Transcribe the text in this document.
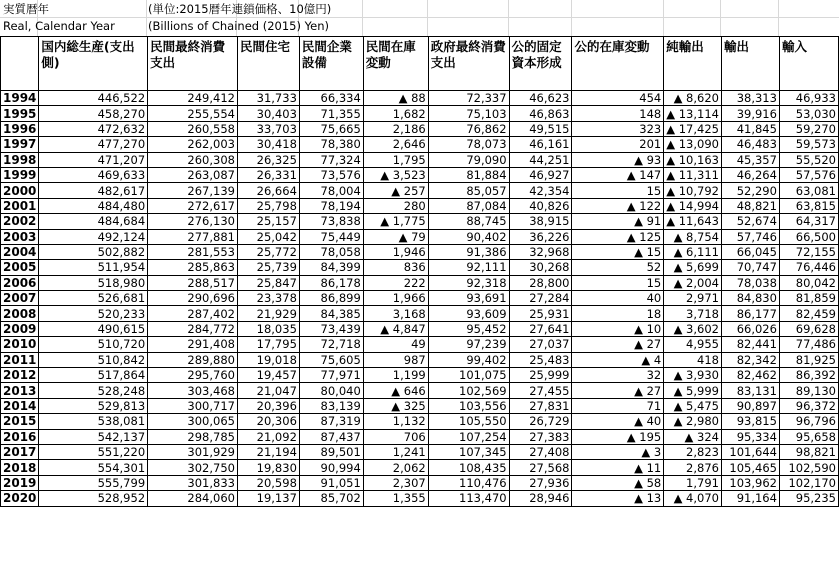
実質暦年
Real, Calendar Year
(単位:2015暦年連鎖価格、10億円)
(Billions of Chained (2015) Yen)
	国内総生産(支出側)	民間最終消費支出	民間住宅	民間企業設備	民間在庫変動	政府最終消費支出	公的固定資本形成	公的在庫変動	純輸出	輸出	輸入
1994	446,522	249,412	31,733	66,334	▲ 88	72,337	46,623	454	▲ 8,620	38,313	46,933
1995	458,270	255,554	30,403	71,355	1,682	75,103	46,863	148	▲ 13,114	39,916	53,030
1996	472,632	260,558	33,703	75,665	2,186	76,862	49,515	323	▲ 17,425	41,845	59,270
1997	477,270	262,003	30,418	78,380	2,646	78,073	46,161	201	▲ 13,090	46,483	59,573
1998	471,207	260,308	26,325	77,324	1,795	79,090	44,251	▲ 93	▲ 10,163	45,357	55,520
1999	469,633	263,087	26,331	73,576	▲ 3,523	81,884	46,927	▲ 147	▲ 11,311	46,264	57,576
2000	482,617	267,139	26,664	78,004	▲ 257	85,057	42,354	15	▲ 10,792	52,290	63,081
2001	484,480	272,617	25,798	78,194	280	87,084	40,826	▲ 122	▲ 14,994	48,821	63,815
2002	484,684	276,130	25,157	73,838	▲ 1,775	88,745	38,915	▲ 91	▲ 11,643	52,674	64,317
2003	492,124	277,881	25,042	75,449	▲ 79	90,402	36,226	▲ 125	▲ 8,754	57,746	66,500
2004	502,882	281,553	25,772	78,058	1,946	91,386	32,968	▲ 15	▲ 6,111	66,045	72,155
2005	511,954	285,863	25,739	84,399	836	92,111	30,268	52	▲ 5,699	70,747	76,446
2006	518,980	288,517	25,847	86,178	222	92,318	28,800	15	▲ 2,004	78,038	80,042
2007	526,681	290,696	23,378	86,899	1,966	93,691	27,284	40	2,971	84,830	81,859
2008	520,233	287,402	21,929	84,385	3,168	93,609	25,931	18	3,718	86,177	82,459
2009	490,615	284,772	18,035	73,439	▲ 4,847	95,452	27,641	▲ 10	▲ 3,602	66,026	69,628
2010	510,720	291,408	17,795	72,718	49	97,239	27,037	▲ 27	4,955	82,441	77,486
2011	510,842	289,880	19,018	75,605	987	99,402	25,483	▲ 4	418	82,342	81,925
2012	517,864	295,760	19,457	77,971	1,199	101,075	25,999	32	▲ 3,930	82,462	86,392
2013	528,248	303,468	21,047	80,040	▲ 646	102,569	27,455	▲ 27	▲ 5,999	83,131	89,130
2014	529,813	300,717	20,396	83,139	▲ 325	103,556	27,831	71	▲ 5,475	90,897	96,372
2015	538,081	300,065	20,306	87,319	1,132	105,550	26,729	▲ 40	▲ 2,980	93,815	96,796
2016	542,137	298,785	21,092	87,437	706	107,254	27,383	▲ 195	▲ 324	95,334	95,658
2017	551,220	301,929	21,194	89,501	1,241	107,345	27,408	▲ 3	2,823	101,644	98,821
2018	554,301	302,750	19,830	90,994	2,062	108,435	27,568	▲ 11	2,876	105,465	102,590
2019	555,799	301,833	20,598	91,051	2,307	110,476	27,936	▲ 58	1,791	103,962	102,170
2020	528,952	284,060	19,137	85,702	1,355	113,470	28,946	▲ 13	▲ 4,070	91,164	95,235
